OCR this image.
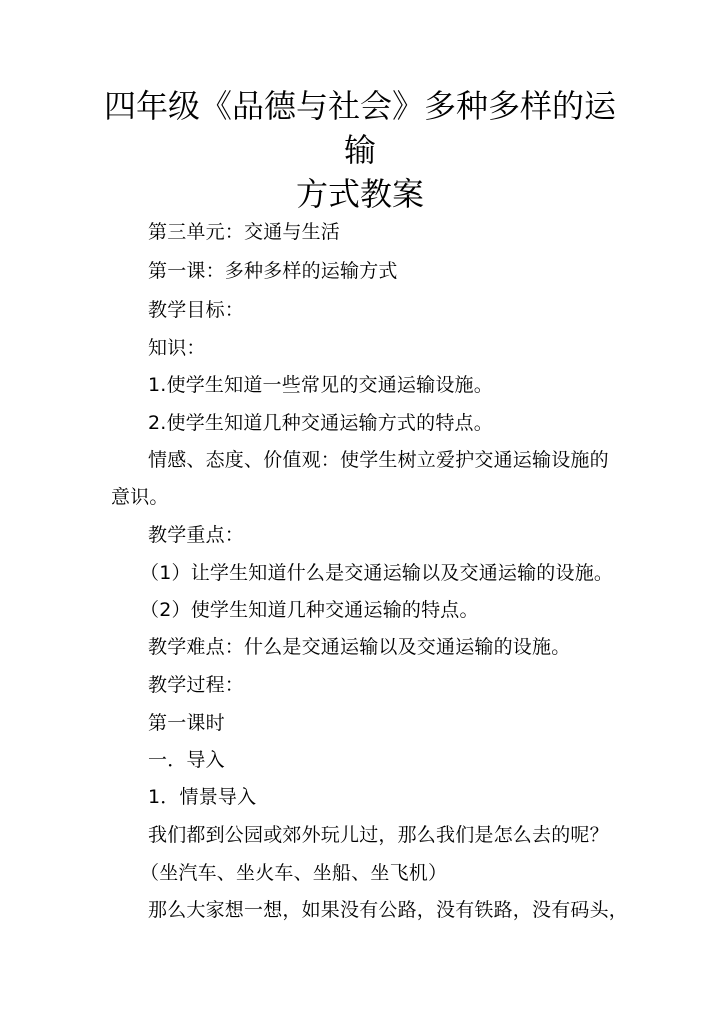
四年级《品德与社会》多种多样的运输
方式教案

第三单元：交通与生活

第一课：多种多样的运输方式

教学目标：

知识：

1.使学生知道一些常见的交通运输设施。

2.使学生知道几种交通运输方式的特点。

情感、态度、价值观：使学生树立爱护交通运输设施的

意识。

教学重点：

（1）让学生知道什么是交通运输以及交通运输的设施。

（2）使学生知道几种交通运输的特点。

教学难点：什么是交通运输以及交通运输的设施。

教学过程：

第一课时

一．导入

1．情景导入

我们都到公园或郊外玩儿过，那么我们是怎么去的呢？

（坐汽车、坐火车、坐船、坐飞机）

那么大家想一想，如果没有公路，没有铁路，没有码头，
